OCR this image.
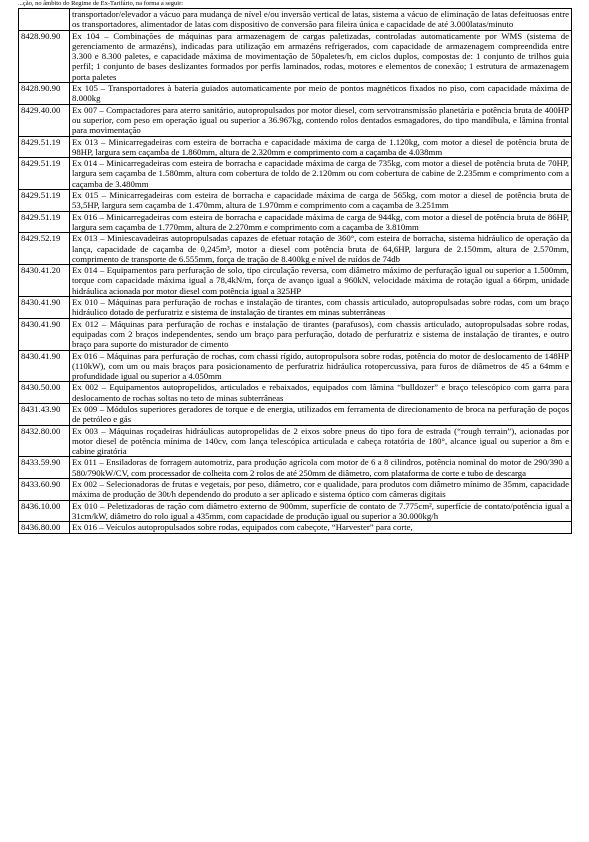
...ção, no âmbito do Regime de Ex-Tarifário, na forma a seguir:
	transportador/elevador a vácuo para mudança de nível e/ou inversão vertical de latas, sistema a vácuo de eliminação de latas defeituosas entre os transportadores, alimentador de latas com dispositivo de conversão para fileira única e capacidade de até 3.000latas/minuto
8428.90.90	Ex 104 – Combinações de máquinas para armazenagem de cargas paletizadas, controladas automaticamente por WMS (sistema de gerenciamento de armazéns), indicadas para utilização em armazéns refrigerados, com capacidade de armazenagem compreendida entre 3.300 e 8.300 paletes, e capacidade máxima de movimentação de 50paletes/h, em ciclos duplos, compostas de: 1 conjunto de trilhos guia perfil; 1 conjunto de bases deslizantes formados por perfis laminados, rodas, motores e elementos de conexão; 1 estrutura de armazenagem porta paletes
8428.90.90	Ex 105 – Transportadores à bateria guiados automaticamente por meio de pontos magnéticos fixados no piso, com capacidade máxima de 8.000kg
8429.40.00	Ex 007 – Compactadores para aterro sanitário, autopropulsados por motor diesel, com servotransmissão planetária e potência bruta de 400HP ou superior, com peso em operação igual ou superior a 36.967kg, contendo rolos dentados esmagadores, do tipo mandíbula, e lâmina frontal para movimentação
8429.51.19	Ex 013 – Minicarregadeiras com esteira de borracha e capacidade máxima de carga de 1.120kg, com motor a diesel de potência bruta de 98HP, largura sem caçamba de 1.860mm, altura de 2.320mm e comprimento com a caçamba de 4.038mm
8429.51.19	Ex 014 – Minicarregadeiras com esteira de borracha e capacidade máxima de carga de 735kg, com motor a diesel de potência bruta de 70HP, largura sem caçamba de 1.580mm, altura com cobertura de toldo de 2.120mm ou com cobertura de cabine de 2.235mm e comprimento com a caçamba de 3.480mm
8429.51.19	Ex 015 – Minicarregadeiras com esteira de borracha e capacidade máxima de carga de 565kg, com motor a diesel de potência bruta de 53,5HP, largura sem caçamba de 1.470mm, altura de 1.970mm e comprimento com a caçamba de 3.251mm
8429.51.19	Ex 016 – Minicarregadeiras com esteira de borracha e capacidade máxima de carga de 944kg, com motor a diesel de potência bruta de 86HP, largura sem caçamba de 1.770mm, altura de 2.270mm e comprimento com a caçamba de 3.810mm
8429.52.19	Ex 013 – Miniescavadeiras autopropulsadas capazes de efetuar rotação de 360°, com esteira de borracha, sistema hidráulico de operação da lança, capacidade de caçamba de 0,245m³, motor a diesel com potência bruta de 64,6HP, largura de 2.150mm, altura de 2.570mm, comprimento de transporte de 6.555mm, força de tração de 8.400kg e nível de ruídos de 74db
8430.41.20	Ex 014 – Equipamentos para perfuração de solo, tipo circulação reversa, com diâmetro máximo de perfuração igual ou superior a 1.500mm, torque com capacidade máxima igual a 78,4kN/m, força de avanço igual a 960kN, velocidade máxima de rotação igual a 66rpm, unidade hidráulica acionada por motor diesel com potência igual a 325HP
8430.41.90	Ex 010 – Máquinas para perfuração de rochas e instalação de tirantes, com chassis articulado, autopropulsadas sobre rodas, com um braço hidráulico dotado de perfuratriz e sistema de instalação de tirantes em minas subterrâneas
8430.41.90	Ex 012 – Máquinas para perfuração de rochas e instalação de tirantes (parafusos), com chassis articulado, autopropulsadas sobre rodas, equipadas com 2 braços independentes, sendo um braço para perfuração, dotado de perfuratriz e sistema de instalação de tirantes, e outro braço para suporte do misturador de cimento
8430.41.90	Ex 016 – Máquinas para perfuração de rochas, com chassi rígido, autopropulsora sobre rodas, potência do motor de deslocamento de 148HP (110kW), com um ou mais braços para posicionamento de perfuratriz hidráulica rotopercussiva, para furos de diâmetros de 45 a 64mm e profundidade igual ou superior a 4.050mm
8430.50.00	Ex 002 – Equipamentos autopropelidos, articulados e rebaixados, equipados com lâmina “bulldozer” e braço telescópico com garra para deslocamento de rochas soltas no teto de minas subterrâneas
8431.43.90	Ex 009 – Módulos superiores geradores de torque e de energia, utilizados em ferramenta de direcionamento de broca na perfuração de poços de petróleo e gás
8432.80.00	Ex 003 – Máquinas roçadeiras hidráulicas autopropelidas de 2 eixos sobre pneus do tipo fora de estrada (“rough terrain”), acionadas por motor diesel de potência mínima de 140cv, com lança telescópica articulada e cabeça rotatória de 180°, alcance igual ou superior a 8m e cabine giratória
8433.59.90	Ex 011 – Ensiladoras de forragem automotriz, para produção agrícola com motor de 6 a 8 cilindros, potência nominal do motor de 290/390 a 580/790kW/CV, com processador de colheita com 2 rolos de até 250mm de diâmetro, com plataforma de corte e tubo de descarga
8433.60.90	Ex 002 – Selecionadoras de frutas e vegetais, por peso, diâmetro, cor e qualidade, para produtos com diâmetro mínimo de 35mm, capacidade máxima de produção de 30t/h dependendo do produto a ser aplicado e sistema óptico com câmeras digitais
8436.10.00	Ex 010 – Peletizadoras de ração com diâmetro externo de 900mm, superfície de contato de 7.775cm², superfície de contato/potência igual a 31cm/kW, diâmetro do rolo igual a 435mm, com capacidade de produção igual ou superior a 30.000kg/h
8436.80.00	Ex 016 – Veículos autopropulsados sobre rodas, equipados com cabeçote, “Harvester” para corte,
